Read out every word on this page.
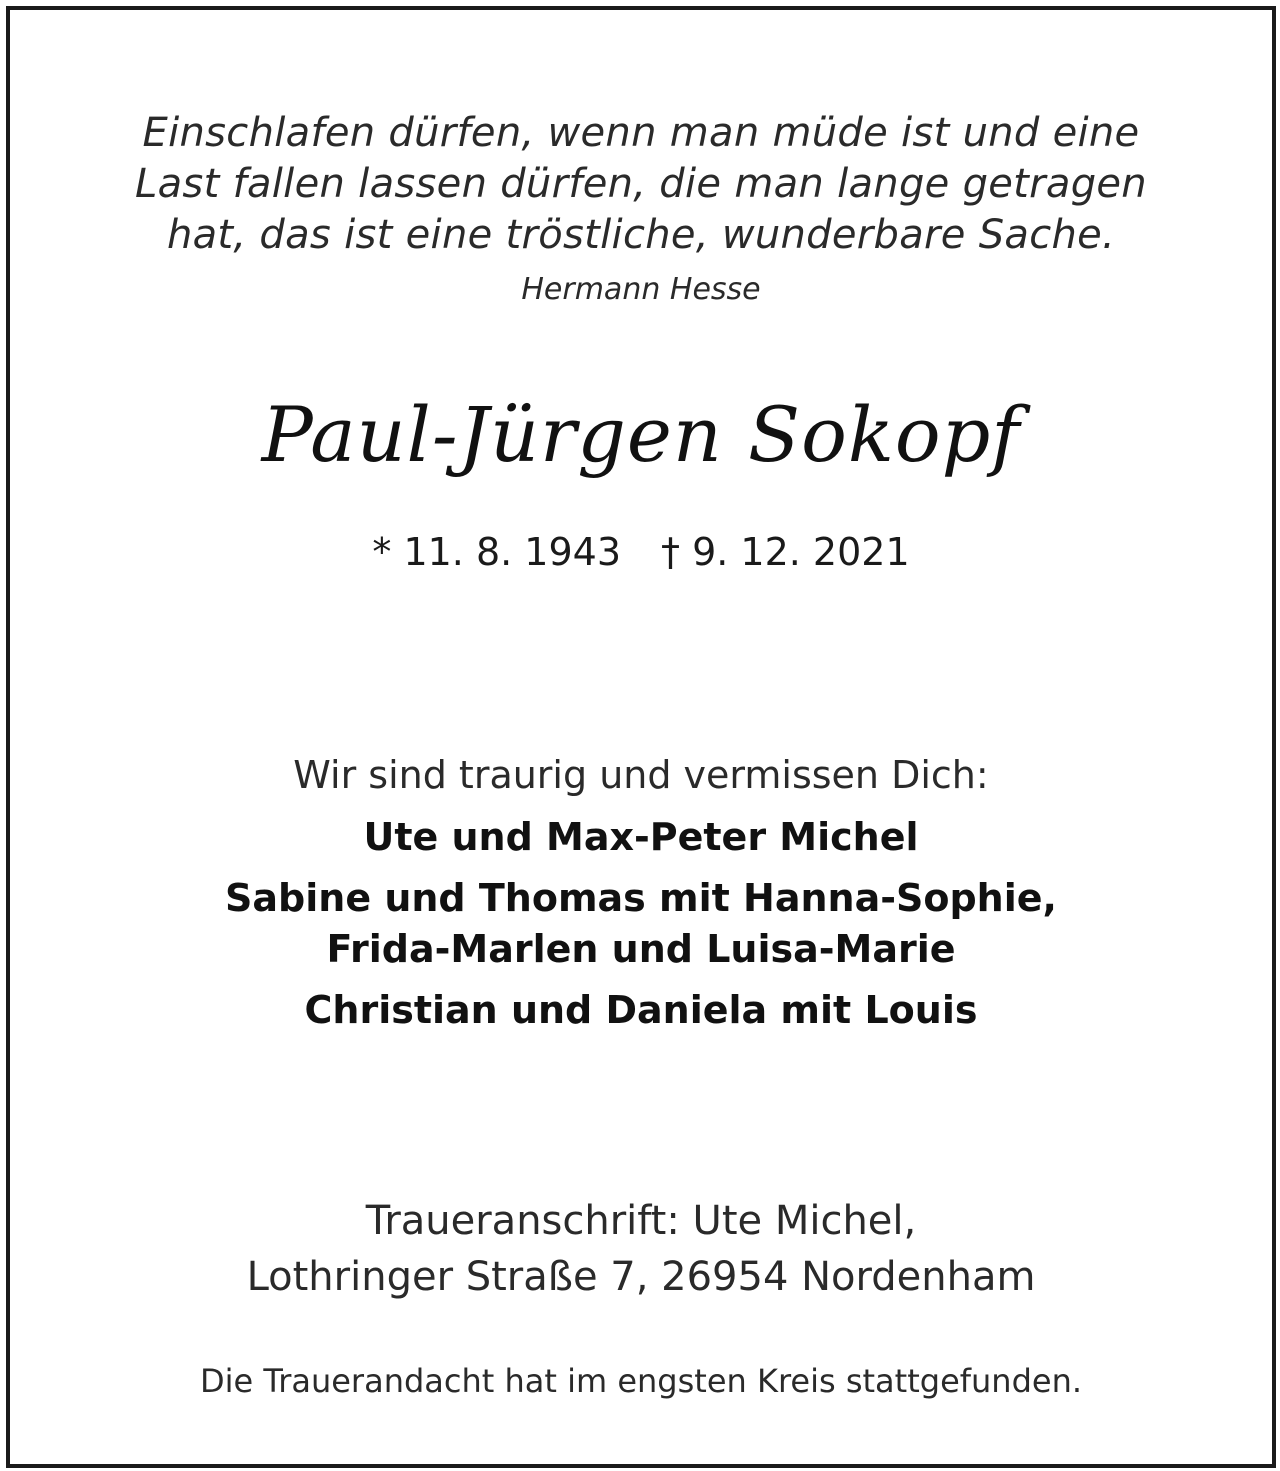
Einschlafen dürfen, wenn man müde ist und eine
Last fallen lassen dürfen, die man lange getragen
hat, das ist eine tröstliche, wunderbare Sache.
Hermann Hesse
Paul-Jürgen Sokopf
* 11. 8. 1943 † 9. 12. 2021
Wir sind traurig und vermissen Dich:
Ute und Max-Peter Michel
Sabine und Thomas mit Hanna-Sophie,
Frida-Marlen und Luisa-Marie
Christian und Daniela mit Louis
Traueranschrift: Ute Michel,
Lothringer Straße 7, 26954 Nordenham
Die Trauerandacht hat im engsten Kreis stattgefunden.
